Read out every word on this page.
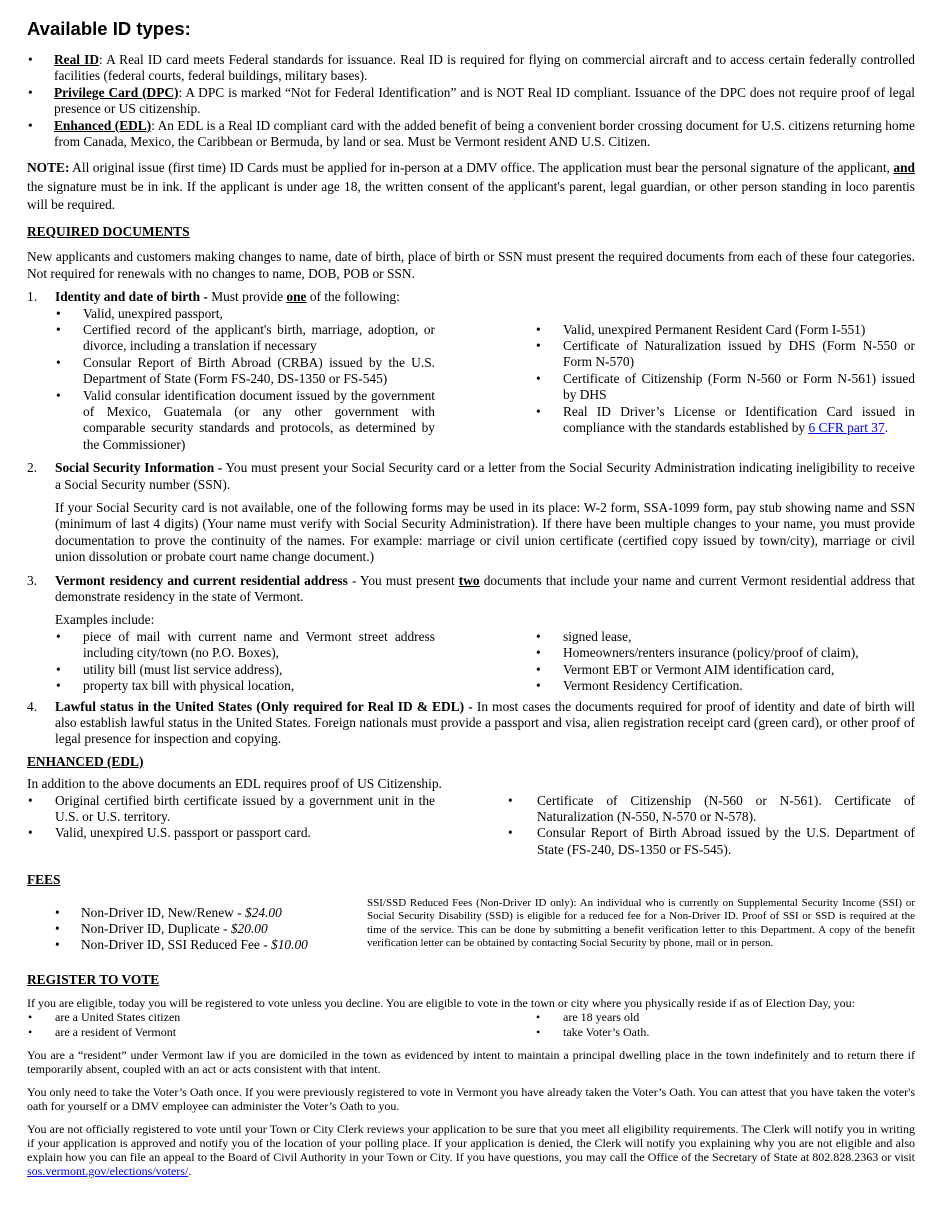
Available ID types:
• Real ID: A Real ID card meets Federal standards for issuance. Real ID is required for flying on commercial aircraft and to access certain federally controlled facilities (federal courts, federal buildings, military bases).
• Privilege Card (DPC): A DPC is marked “Not for Federal Identification” and is NOT Real ID compliant. Issuance of the DPC does not require proof of legal presence or US citizenship.
• Enhanced (EDL): An EDL is a Real ID compliant card with the added benefit of being a convenient border crossing document for U.S. citizens returning home from Canada, Mexico, the Caribbean or Bermuda, by land or sea. Must be Vermont resident AND U.S. Citizen.

NOTE: All original issue (first time) ID Cards must be applied for in-person at a DMV office. The application must bear the personal signature of the applicant, and the signature must be in ink. If the applicant is under age 18, the written consent of the applicant's parent, legal guardian, or other person standing in loco parentis will be required.

REQUIRED DOCUMENTS

New applicants and customers making changes to name, date of birth, place of birth or SSN must present the required documents from each of these four categories. Not required for renewals with no changes to name, DOB, POB or SSN.

1. Identity and date of birth - Must provide one of the following:
• Valid, unexpired passport,
• Certified record of the applicant's birth, marriage, adoption, or divorce, including a translation if necessary
• Consular Report of Birth Abroad (CRBA) issued by the U.S. Department of State (Form FS-240, DS-1350 or FS-545)
• Valid consular identification document issued by the government of Mexico, Guatemala (or any other government with comparable security standards and protocols, as determined by the Commissioner)
• Valid, unexpired Permanent Resident Card (Form I-551)
• Certificate of Naturalization issued by DHS (Form N-550 or Form N-570)
• Certificate of Citizenship (Form N-560 or Form N-561) issued by DHS
• Real ID Driver’s License or Identification Card issued in compliance with the standards established by 6 CFR part 37.
2. Social Security Information - You must present your Social Security card or a letter from the Social Security Administration indicating ineligibility to receive a Social Security number (SSN).

If your Social Security card is not available, one of the following forms may be used in its place: W-2 form, SSA-1099 form, pay stub showing name and SSN (minimum of last 4 digits) (Your name must verify with Social Security Administration). If there have been multiple changes to your name, you must provide documentation to prove the continuity of the names. For example: marriage or civil union certificate (certified copy issued by town/city), marriage or civil union dissolution or probate court name change document.)

3. Vermont residency and current residential address - You must present two documents that include your name and current Vermont residential address that demonstrate residency in the state of Vermont.

Examples include:

• piece of mail with current name and Vermont street address including city/town (no P.O. Boxes),
• utility bill (must list service address),
• property tax bill with physical location,
• signed lease,
• Homeowners/renters insurance (policy/proof of claim),
• Vermont EBT or Vermont AIM identification card,
• Vermont Residency Certification.
4. Lawful status in the United States (Only required for Real ID & EDL) - In most cases the documents required for proof of identity and date of birth will also establish lawful status in the United States. Foreign nationals must provide a passport and visa, alien registration receipt card (green card), or other proof of legal presence for inspection and copying.
ENHANCED (EDL)

In addition to the above documents an EDL requires proof of US Citizenship.

• Original certified birth certificate issued by a government unit in the U.S. or U.S. territory.
• Valid, unexpired U.S. passport or passport card.
• Certificate of Citizenship (N-560 or N-561). Certificate of Naturalization (N-550, N-570 or N-578).
• Consular Report of Birth Abroad issued by the U.S. Department of State (FS-240, DS-1350 or FS-545).
FEES
• Non-Driver ID, New/Renew - $24.00
• Non-Driver ID, Duplicate - $20.00
• Non-Driver ID, SSI Reduced Fee - $10.00
SSI/SSD Reduced Fees (Non-Driver ID only): An individual who is currently on Supplemental Security Income (SSI) or Social Security Disability (SSD) is eligible for a reduced fee for a Non-Driver ID. Proof of SSI or SSD is required at the time of the service. This can be done by submitting a benefit verification letter to this Department. A copy of the benefit verification letter can be obtained by contacting Social Security by phone, mail or in person.
REGISTER TO VOTE

If you are eligible, today you will be registered to vote unless you decline. You are eligible to vote in the town or city where you physically reside if as of Election Day, you:

• are a United States citizen
• are a resident of Vermont
• are 18 years old
• take Voter’s Oath.

You are a “resident” under Vermont law if you are domiciled in the town as evidenced by intent to maintain a principal dwelling place in the town indefinitely and to return there if temporarily absent, coupled with an act or acts consistent with that intent.

You only need to take the Voter’s Oath once. If you were previously registered to vote in Vermont you have already taken the Voter’s Oath. You can attest that you have taken the voter's oath for yourself or a DMV employee can administer the Voter’s Oath to you.

You are not officially registered to vote until your Town or City Clerk reviews your application to be sure that you meet all eligibility requirements. The Clerk will notify you in writing if your application is approved and notify you of the location of your polling place. If your application is denied, the Clerk will notify you explaining why you are not eligible and also explain how you can file an appeal to the Board of Civil Authority in your Town or City. If you have questions, you may call the Office of the Secretary of State at 802.828.2363 or visit sos.vermont.gov/elections/voters/.
